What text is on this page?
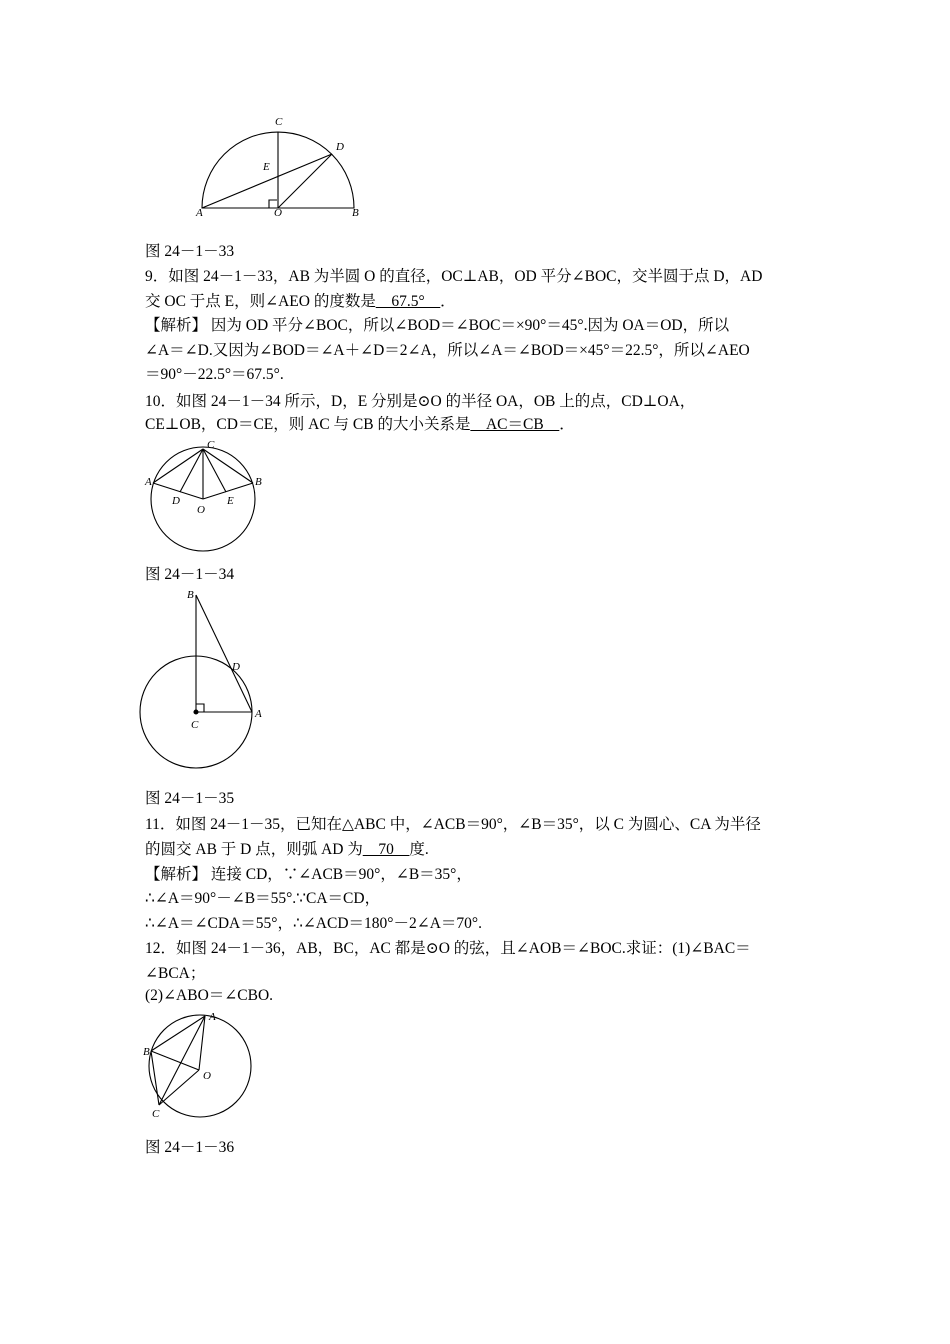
C
D
E
A	O	B
C
A	B
D
O
E
B
D
A
C
A
B
O
C
图 24－1－33
9．如图 24－1－33，AB 为半圆 O 的直径，OC⊥AB，OD 平分∠BOC，交半圆于点 D，AD
交 OC 于点 E，则∠AEO 的度数是__67.5°__．
【解析】 因为 OD 平分∠BOC，所以∠BOD＝∠BOC＝×90°＝45°.因为 OA＝OD，所以
∠A＝∠D.又因为∠BOD＝∠A＋∠D＝2∠A，所以∠A＝∠BOD＝×45°＝22.5°，所以∠AEO
＝90°－22.5°＝67.5°.
10．如图 24－1－34 所示，D，E 分别是⊙O 的半径 OA，OB 上的点，CD⊥OA，
CE⊥OB，CD＝CE，则 AC 与 CB 的大小关系是__AC＝CB__．
图 24－1－34
图 24－1－35
11．如图 24－1－35，已知在△ABC 中，∠ACB＝90°，∠B＝35°，以 C 为圆心、CA 为半径
的圆交 AB 于 D 点，则弧 AD 为__70__度.
【解析】 连接 CD，∵∠ACB＝90°，∠B＝35°，
∴∠A＝90°－∠B＝55°.∵CA＝CD，
∴∠A＝∠CDA＝55°，∴∠ACD＝180°－2∠A＝70°.
12．如图 24－1－36，AB，BC，AC 都是⊙O 的弦，且∠AOB＝∠BOC.求证：(1)∠BAC＝
∠BCA；
(2)∠ABO＝∠CBO.
图 24－1－36
